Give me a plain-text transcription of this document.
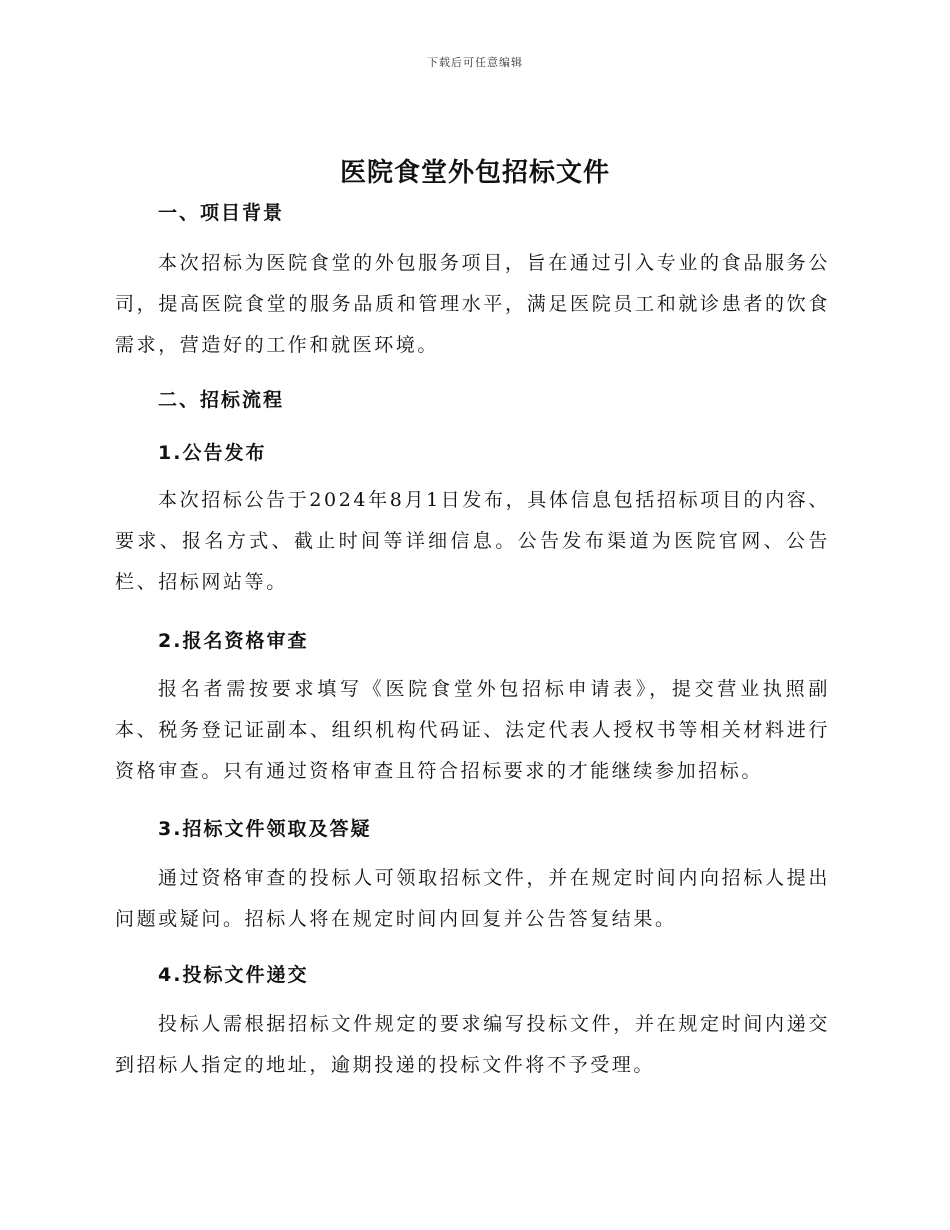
下载后可任意编辑
医院食堂外包招标文件
一、项目背景

本次招标为医院食堂的外包服务项目，旨在通过引入专业的食品服务公司，提高医院食堂的服务品质和管理水平，满足医院员工和就诊患者的饮食需求，营造好的工作和就医环境。

二、招标流程
1.公告发布

本次招标公告于2024年8月1日发布，具体信息包括招标项目的内容、要求、报名方式、截止时间等详细信息。公告发布渠道为医院官网、公告栏、招标网站等。

2.报名资格审查

报名者需按要求填写《医院食堂外包招标申请表》，提交营业执照副本、税务登记证副本、组织机构代码证、法定代表人授权书等相关材料进行资格审查。只有通过资格审查且符合招标要求的才能继续参加招标。

3.招标文件领取及答疑

通过资格审查的投标人可领取招标文件，并在规定时间内向招标人提出问题或疑问。招标人将在规定时间内回复并公告答复结果。

4.投标文件递交

投标人需根据招标文件规定的要求编写投标文件，并在规定时间内递交到招标人指定的地址，逾期投递的投标文件将不予受理。
